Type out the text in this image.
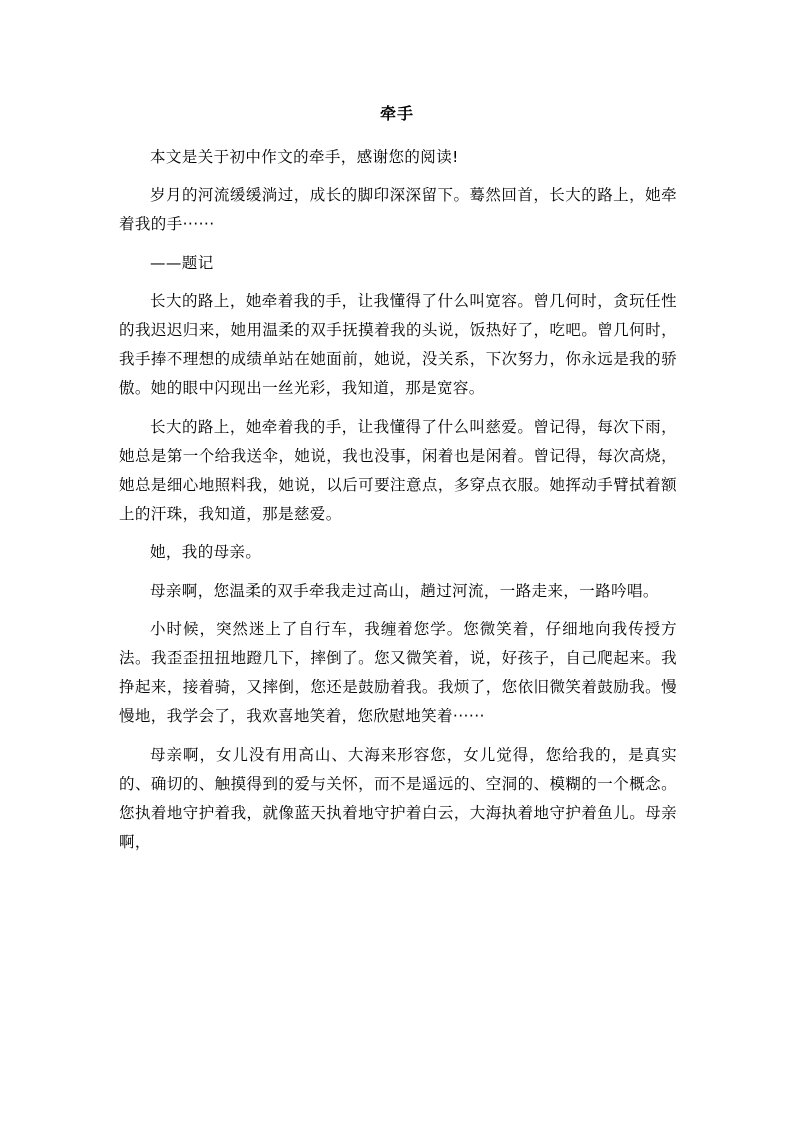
牵手

本文是关于初中作文的牵手，感谢您的阅读!

岁月的河流缓缓淌过，成长的脚印深深留下。蓦然回首，长大的路上，她牵着我的手······

——题记

长大的路上，她牵着我的手，让我懂得了什么叫宽容。曾几何时，贪玩任性的我迟迟归来，她用温柔的双手抚摸着我的头说，饭热好了，吃吧。曾几何时，我手捧不理想的成绩单站在她面前，她说，没关系，下次努力，你永远是我的骄傲。她的眼中闪现出一丝光彩，我知道，那是宽容。

长大的路上，她牵着我的手，让我懂得了什么叫慈爱。曾记得，每次下雨，她总是第一个给我送伞，她说，我也没事，闲着也是闲着。曾记得，每次高烧，她总是细心地照料我，她说，以后可要注意点，多穿点衣服。她挥动手臂拭着额上的汗珠，我知道，那是慈爱。

她，我的母亲。

母亲啊，您温柔的双手牵我走过高山，趟过河流，一路走来，一路吟唱。

小时候，突然迷上了自行车，我缠着您学。您微笑着，仔细地向我传授方法。我歪歪扭扭地蹬几下，摔倒了。您又微笑着，说，好孩子，自己爬起来。我挣起来，接着骑，又摔倒，您还是鼓励着我。我烦了，您依旧微笑着鼓励我。慢慢地，我学会了，我欢喜地笑着，您欣慰地笑着······

母亲啊，女儿没有用高山、大海来形容您，女儿觉得，您给我的，是真实的、确切的、触摸得到的爱与关怀，而不是遥远的、空洞的、模糊的一个概念。您执着地守护着我，就像蓝天执着地守护着白云，大海执着地守护着鱼儿。母亲啊，
